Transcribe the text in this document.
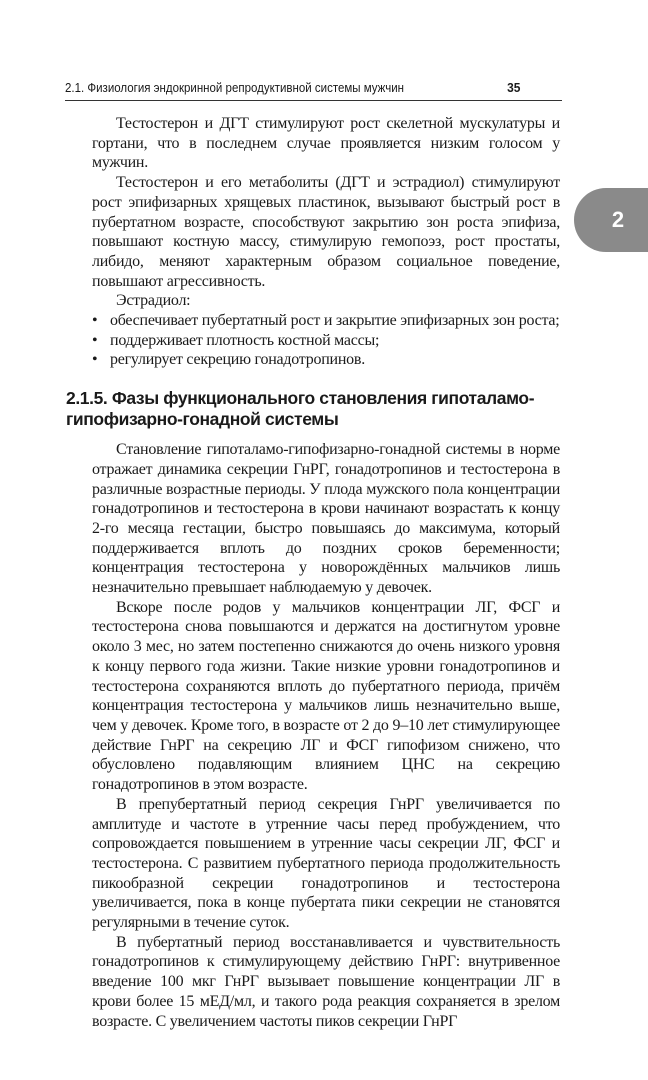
2.1. Физиология эндокринной репродуктивной системы мужчин	35
2

Тестостерон и ДГТ стимулируют рост скелетной мускулатуры и гортани, что в последнем случае проявляется низким голосом у мужчин.

Тестостерон и его метаболиты (ДГТ и эстрадиол) стимулируют рост эпифизарных хрящевых пластинок, вызывают быстрый рост в пубертатном возрасте, способствуют закрытию зон роста эпифиза, повышают костную массу, стимулирую гемопоэз, рост простаты, либидо, меняют характерным образом социальное поведение, повышают агрессивность.

Эстрадиол:

• обеспечивает пубертатный рост и закрытие эпифизарных зон роста;
• поддерживает плотность костной массы;
• регулирует секрецию гонадотропинов.
2.1.5. Фазы функционального становления гипоталамо-гипофизарно-гонадной системы

Становление гипоталамо-гипофизарно-гонадной системы в норме отражает динамика секреции ГнРГ, гонадотропинов и тестостерона в различные возрастные периоды. У плода мужского пола концентрации гонадотропинов и тестостерона в крови начинают возрастать к концу 2-го месяца гестации, быстро повышаясь до максимума, который поддерживается вплоть до поздних сроков беременности; концентрация тестостерона у новорождённых мальчиков лишь незначительно превышает наблюдаемую у девочек.

Вскоре после родов у мальчиков концентрации ЛГ, ФСГ и тестостерона снова повышаются и держатся на достигнутом уровне около 3 мес, но затем постепенно снижаются до очень низкого уровня к концу первого года жизни. Такие низкие уровни гонадотропинов и тестостерона сохраняются вплоть до пубертатного периода, причём концентрация тестостерона у мальчиков лишь незначительно выше, чем у девочек. Кроме того, в возрасте от 2 до 9–10 лет стимулирующее действие ГнРГ на секрецию ЛГ и ФСГ гипофизом снижено, что обусловлено подавляющим влиянием ЦНС на секрецию гонадотропинов в этом возрасте.

В препубертатный период секреция ГнРГ увеличивается по амплитуде и частоте в утренние часы перед пробуждением, что сопровождается повышением в утренние часы секреции ЛГ, ФСГ и тестостерона. С развитием пубертатного периода продолжительность пикообразной секреции гонадотропинов и тестостерона увеличивается, пока в конце пубертата пики секреции не становятся регулярными в течение суток.

В пубертатный период восстанавливается и чувствительность гонадотропинов к стимулирующему действию ГнРГ: внутривенное введение 100 мкг ГнРГ вызывает повышение концентрации ЛГ в крови более 15 мЕД/мл, и такого рода реакция сохраняется в зрелом возрасте. С увеличением частоты пиков секреции ГнРГ
